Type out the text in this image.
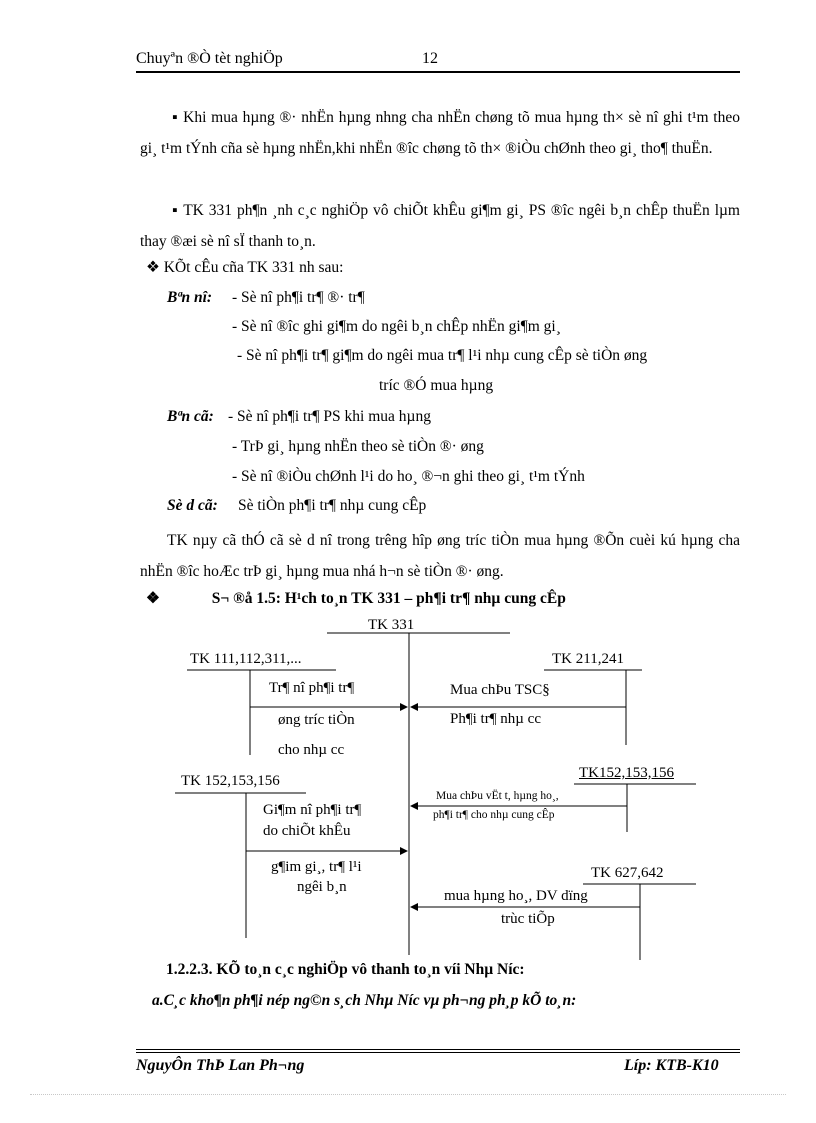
Chuyªn ®Ò tèt nghiÖp	12
▪ Khi mua hµng ®· nhËn hµng nhng cha nhËn chøng tõ mua hµng th× sè nî ghi t¹m theo gi¸ t¹m tÝnh cña sè hµng nhËn,khi nhËn ®îc chøng tõ th× ®iÒu chØnh theo gi¸ tho¶ thuËn.
▪ TK 331 ph¶n ¸nh c¸c nghiÖp vô chiÕt khÊu gi¶m gi¸ PS ®îc ngêi b¸n chÊp thuËn lµm thay ®æi sè nî sÏ thanh to¸n.
❖ KÕt cÊu cña TK 331 nh sau:
Bªn nî: - Sè nî ph¶i tr¶ ®· tr¶
- Sè nî ®îc ghi gi¶m do ngêi b¸n chÊp nhËn gi¶m gi¸
- Sè nî ph¶i tr¶ gi¶m do ngêi mua tr¶ l¹i nhµ cung cÊp sè tiÒn øng
tríc ®Ó mua hµng
Bªn cã: - Sè nî ph¶i tr¶ PS khi mua hµng
- TrÞ gi¸ hµng nhËn theo sè tiÒn ®· øng
- Sè nî ®iÒu chØnh l¹i do ho¸ ®¬n ghi theo gi¸ t¹m tÝnh
Sè d cã: Sè tiÒn ph¶i tr¶ nhµ cung cÊp
TK nµy cã thÓ cã sè d nî trong trêng hîp øng tríc tiÒn mua hµng ®Õn cuèi kú hµng cha nhËn ®îc hoÆc trÞ gi¸ hµng mua nhá h¬n sè tiÒn ®· øng.
❖	S¬ ®å 1.5: H¹ch to¸n TK 331 – ph¶i tr¶ nhµ cung cÊp
TK 331
TK 111,112,311,...	TK 211,241
Tr¶ nî ph¶i tr¶
øng tríc tiÒn
cho nhµ cc
Mua chÞu TSC§
Ph¶i tr¶ nhµ cc
TK 152,153,156	TK152,153,156
Gi¶m nî ph¶i tr¶
do chiÕt khÊu
g¶im gi¸, tr¶ l¹i
ngêi b¸n
Mua chÞu vËt t, hµng ho¸,
ph¶i tr¶ cho nhµ cung cÊp
TK 627,642
mua hµng ho¸, DV dïng
trùc tiÕp
1.2.2.3. KÕ to¸n c¸c nghiÖp vô thanh to¸n víi Nhµ Níc:
a.C¸c kho¶n ph¶i nép ng©n s¸ch Nhµ Níc vµ ph¬ng ph¸p kÕ to¸n:
NguyÔn ThÞ Lan Ph¬ng	Líp: KTB-K10
